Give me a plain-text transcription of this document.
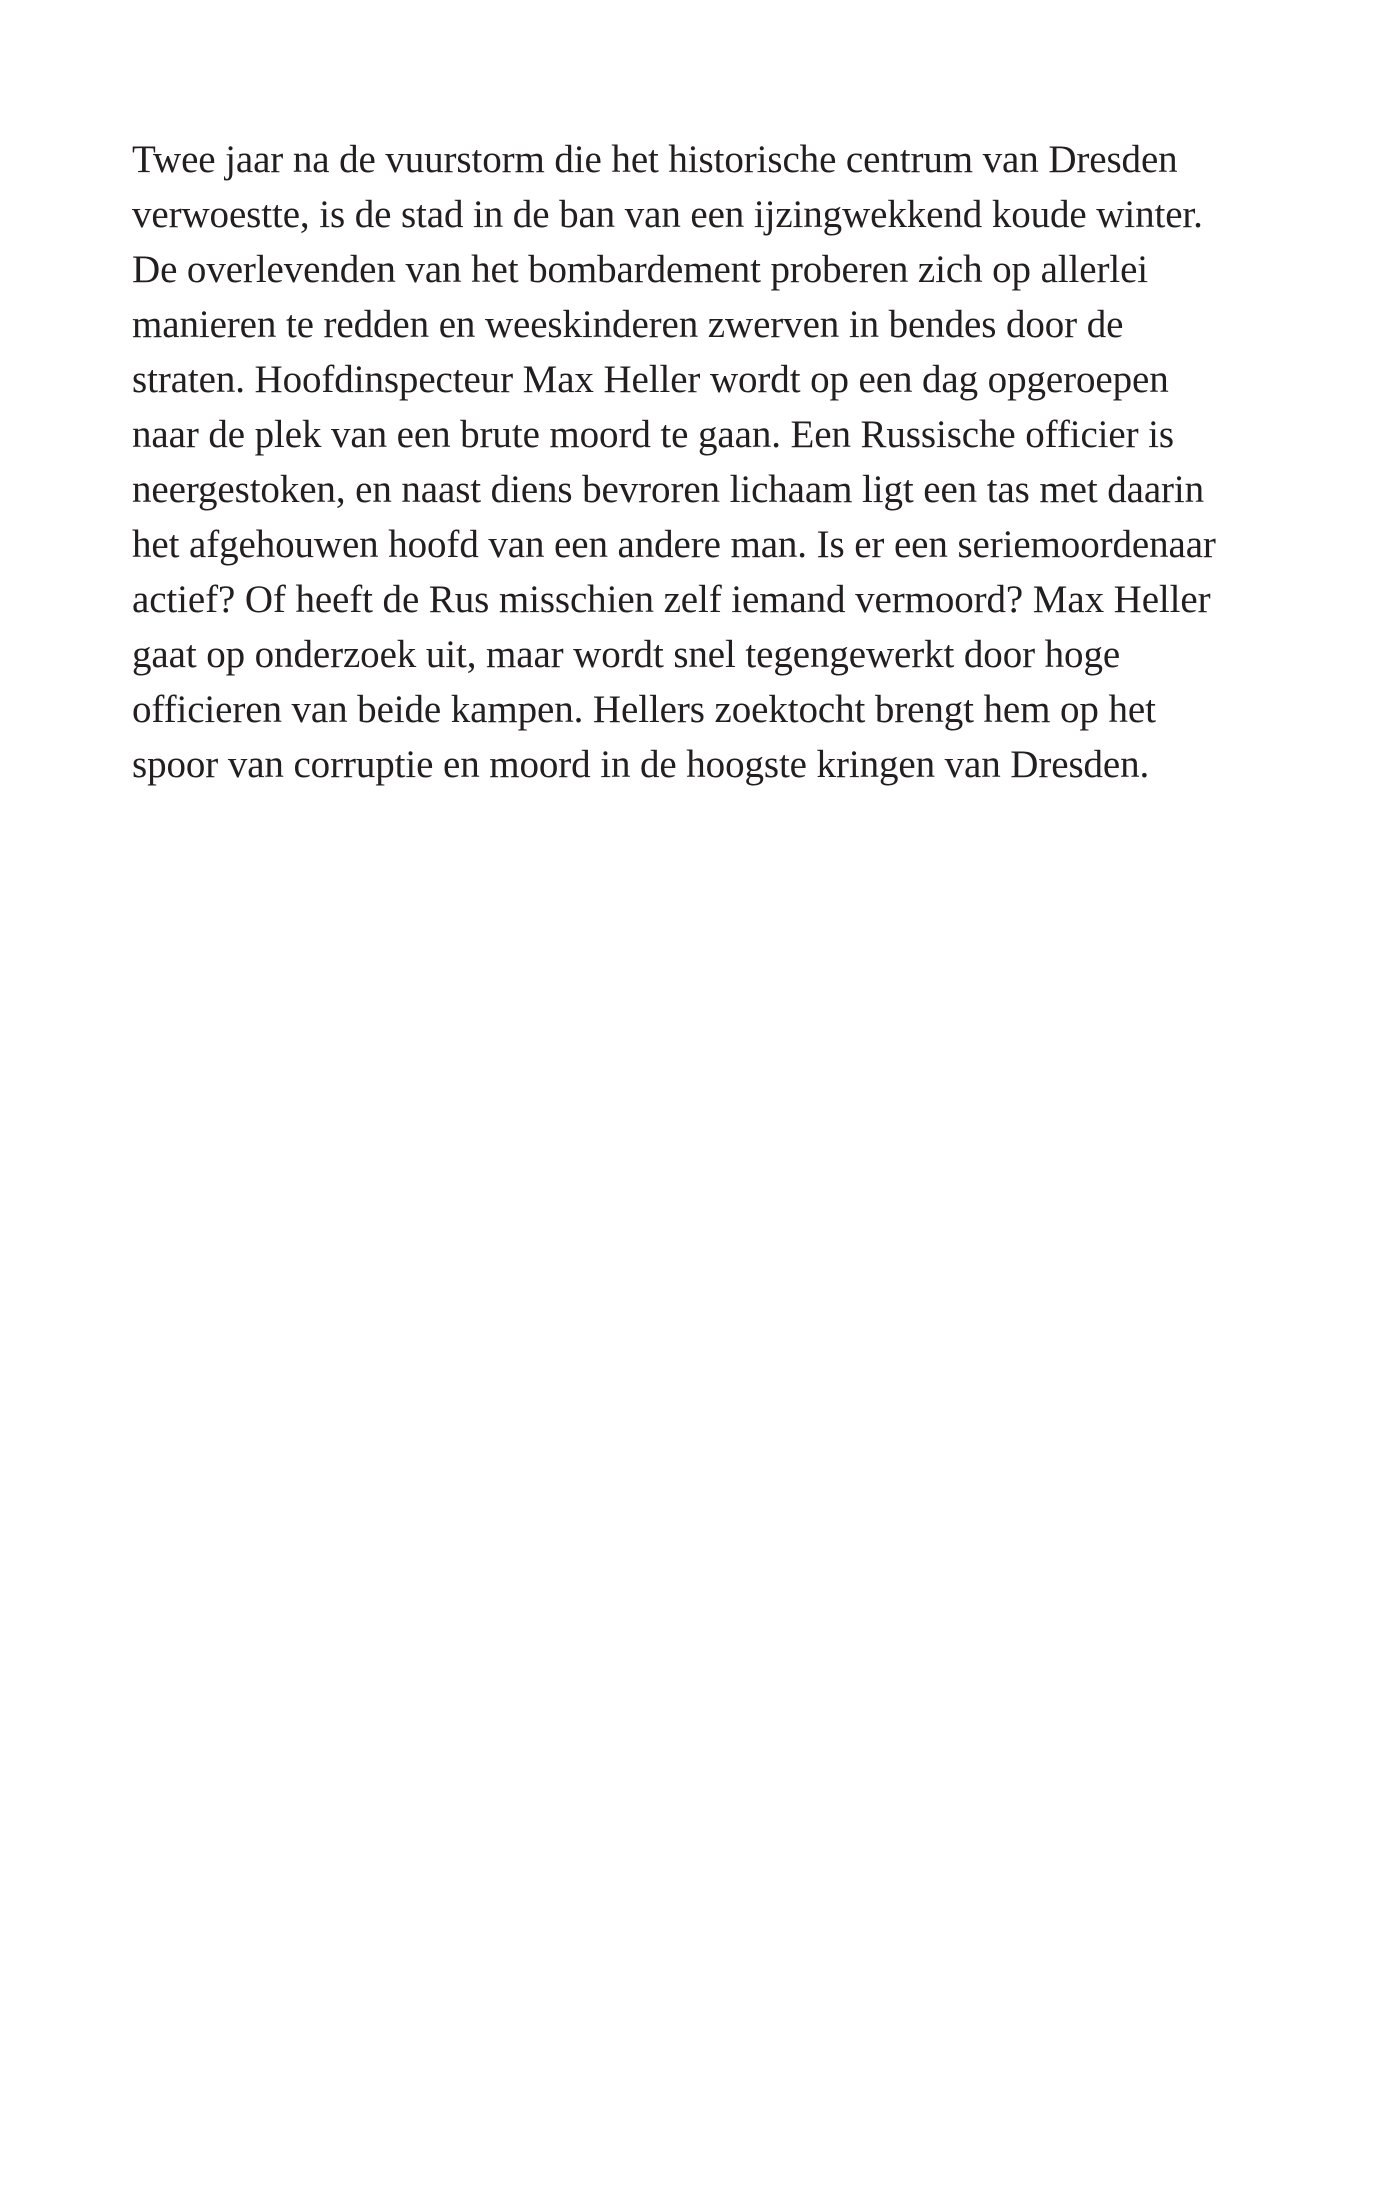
Twee jaar na de vuurstorm die het historische centrum van Dresden
verwoestte, is de stad in de ban van een ijzingwekkend koude winter.
De overlevenden van het bombardement proberen zich op allerlei
manieren te redden en weeskinderen zwerven in bendes door de
straten. Hoofdinspecteur Max Heller wordt op een dag opgeroepen
naar de plek van een brute moord te gaan. Een Russische officier is
neergestoken, en naast diens bevroren lichaam ligt een tas met daarin
het afgehouwen hoofd van een andere man. Is er een seriemoordenaar
actief? Of heeft de Rus misschien zelf iemand vermoord? Max Heller
gaat op onderzoek uit, maar wordt snel tegengewerkt door hoge
officieren van beide kampen. Hellers zoektocht brengt hem op het
spoor van corruptie en moord in de hoogste kringen van Dresden.
